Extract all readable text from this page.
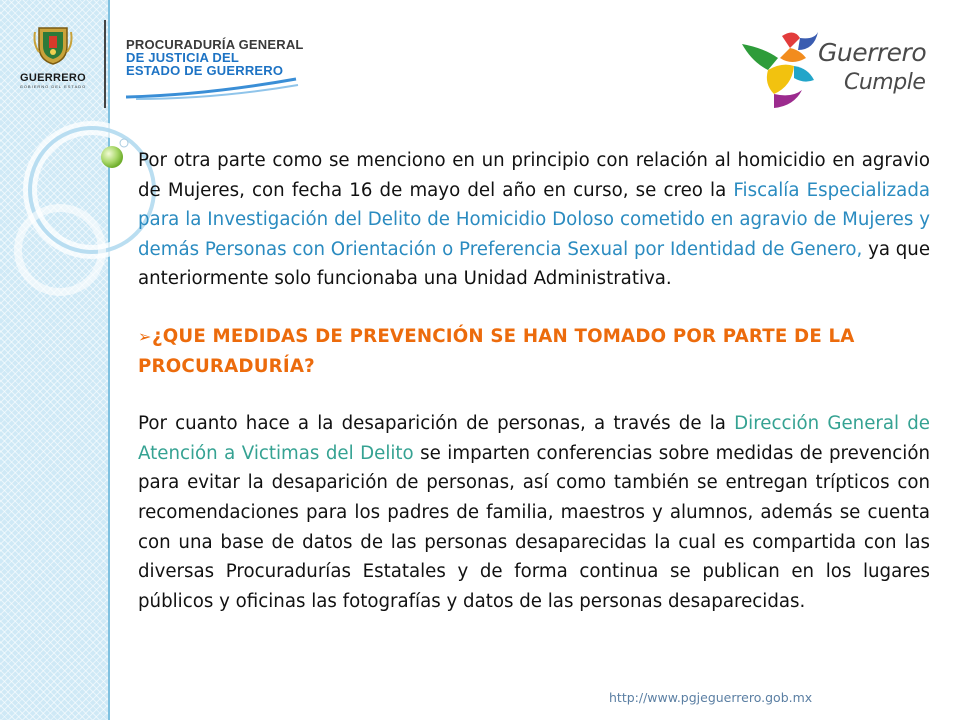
GUERRERO
GOBIERNO DEL ESTADO
PROCURADURÍA GENERAL
DE JUSTICIA DEL
ESTADO DE GUERRERO
Guerrero
Cumple

Por otra parte como se menciono en un principio con relación al homicidio en agravio de Mujeres, con fecha 16 de mayo del año en curso, se creo la Fiscalía Especializada para la Investigación del Delito de Homicidio Doloso cometido en agravio de Mujeres y demás Personas con Orientación o Preferencia Sexual por Identidad de Genero, ya que anteriormente solo funcionaba una Unidad Administrativa.

➢¿QUE MEDIDAS DE PREVENCIÓN SE HAN TOMADO POR PARTE DE LA PROCURADURÍA?

Por cuanto hace a la desaparición de personas, a través de la Dirección General de Atención a Victimas del Delito se imparten conferencias sobre medidas de prevención para evitar la desaparición de personas, así como también se entregan trípticos con recomendaciones para los padres de familia, maestros y alumnos, además se cuenta con una base de datos de las personas desaparecidas la cual es compartida con las diversas Procuradurías Estatales y de forma continua se publican en los lugares públicos y oficinas las fotografías y datos de las personas desaparecidas.

http://www.pgjeguerrero.gob.mx
